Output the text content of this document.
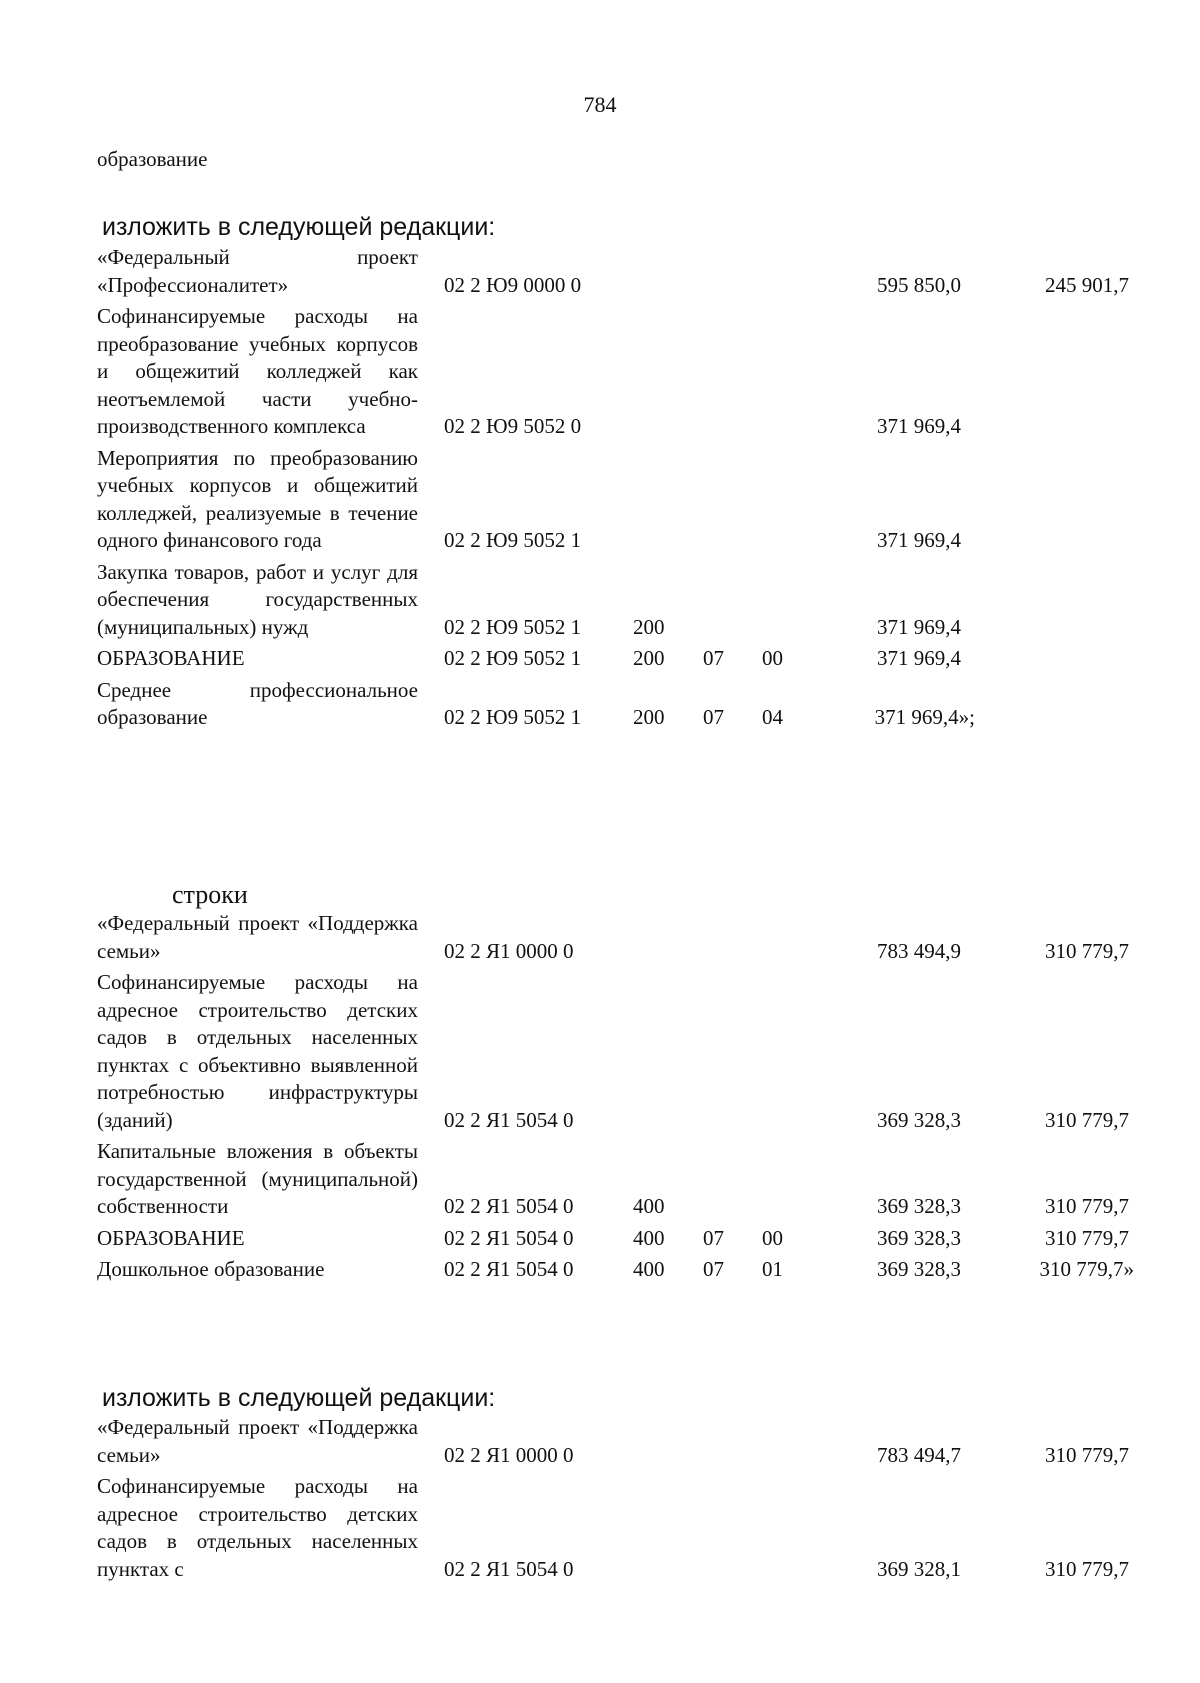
784
образование
изложить в следующей редакции:
«Федеральный проект «Профессионалитет»	02 2 Ю9 0000 0	595 850,0	245 901,7
Софинансируемые расходы на преобразование учебных корпусов и общежитий колледжей как неотъемлемой части учебно-производственного комплекса	02 2 Ю9 5052 0	371 969,4
Мероприятия по преобразованию учебных корпусов и общежитий колледжей, реализуемые в течение одного финансового года	02 2 Ю9 5052 1	371 969,4
Закупка товаров, работ и услуг для обеспечения государственных (муниципальных) нужд	02 2 Ю9 5052 1 200	371 969,4
ОБРАЗОВАНИЕ	02 2 Ю9 5052 1 200 07 00	371 969,4
Среднее профессиональное образование	02 2 Ю9 5052 1 200 07 04	371 969,4»;
строки
«Федеральный проект «Поддержка семьи»	02 2 Я1 0000 0	783 494,9	310 779,7
Софинансируемые расходы на адресное строительство детских садов в отдельных населенных пунктах с объективно выявленной потребностью инфраструктуры (зданий)	02 2 Я1 5054 0	369 328,3	310 779,7
Капитальные вложения в объекты государственной (муниципальной) собственности	02 2 Я1 5054 0	400	369 328,3	310 779,7
ОБРАЗОВАНИЕ	02 2 Я1 5054 0	400 07 00	369 328,3	310 779,7
Дошкольное образование	02 2 Я1 5054 0	400 07 01	369 328,3	310 779,7»
изложить в следующей редакции:
«Федеральный проект «Поддержка семьи»	02 2 Я1 0000 0	783 494,7	310 779,7
Софинансируемые расходы на адресное строительство детских садов в отдельных населенных пунктах с	02 2 Я1 5054 0	369 328,1	310 779,7
